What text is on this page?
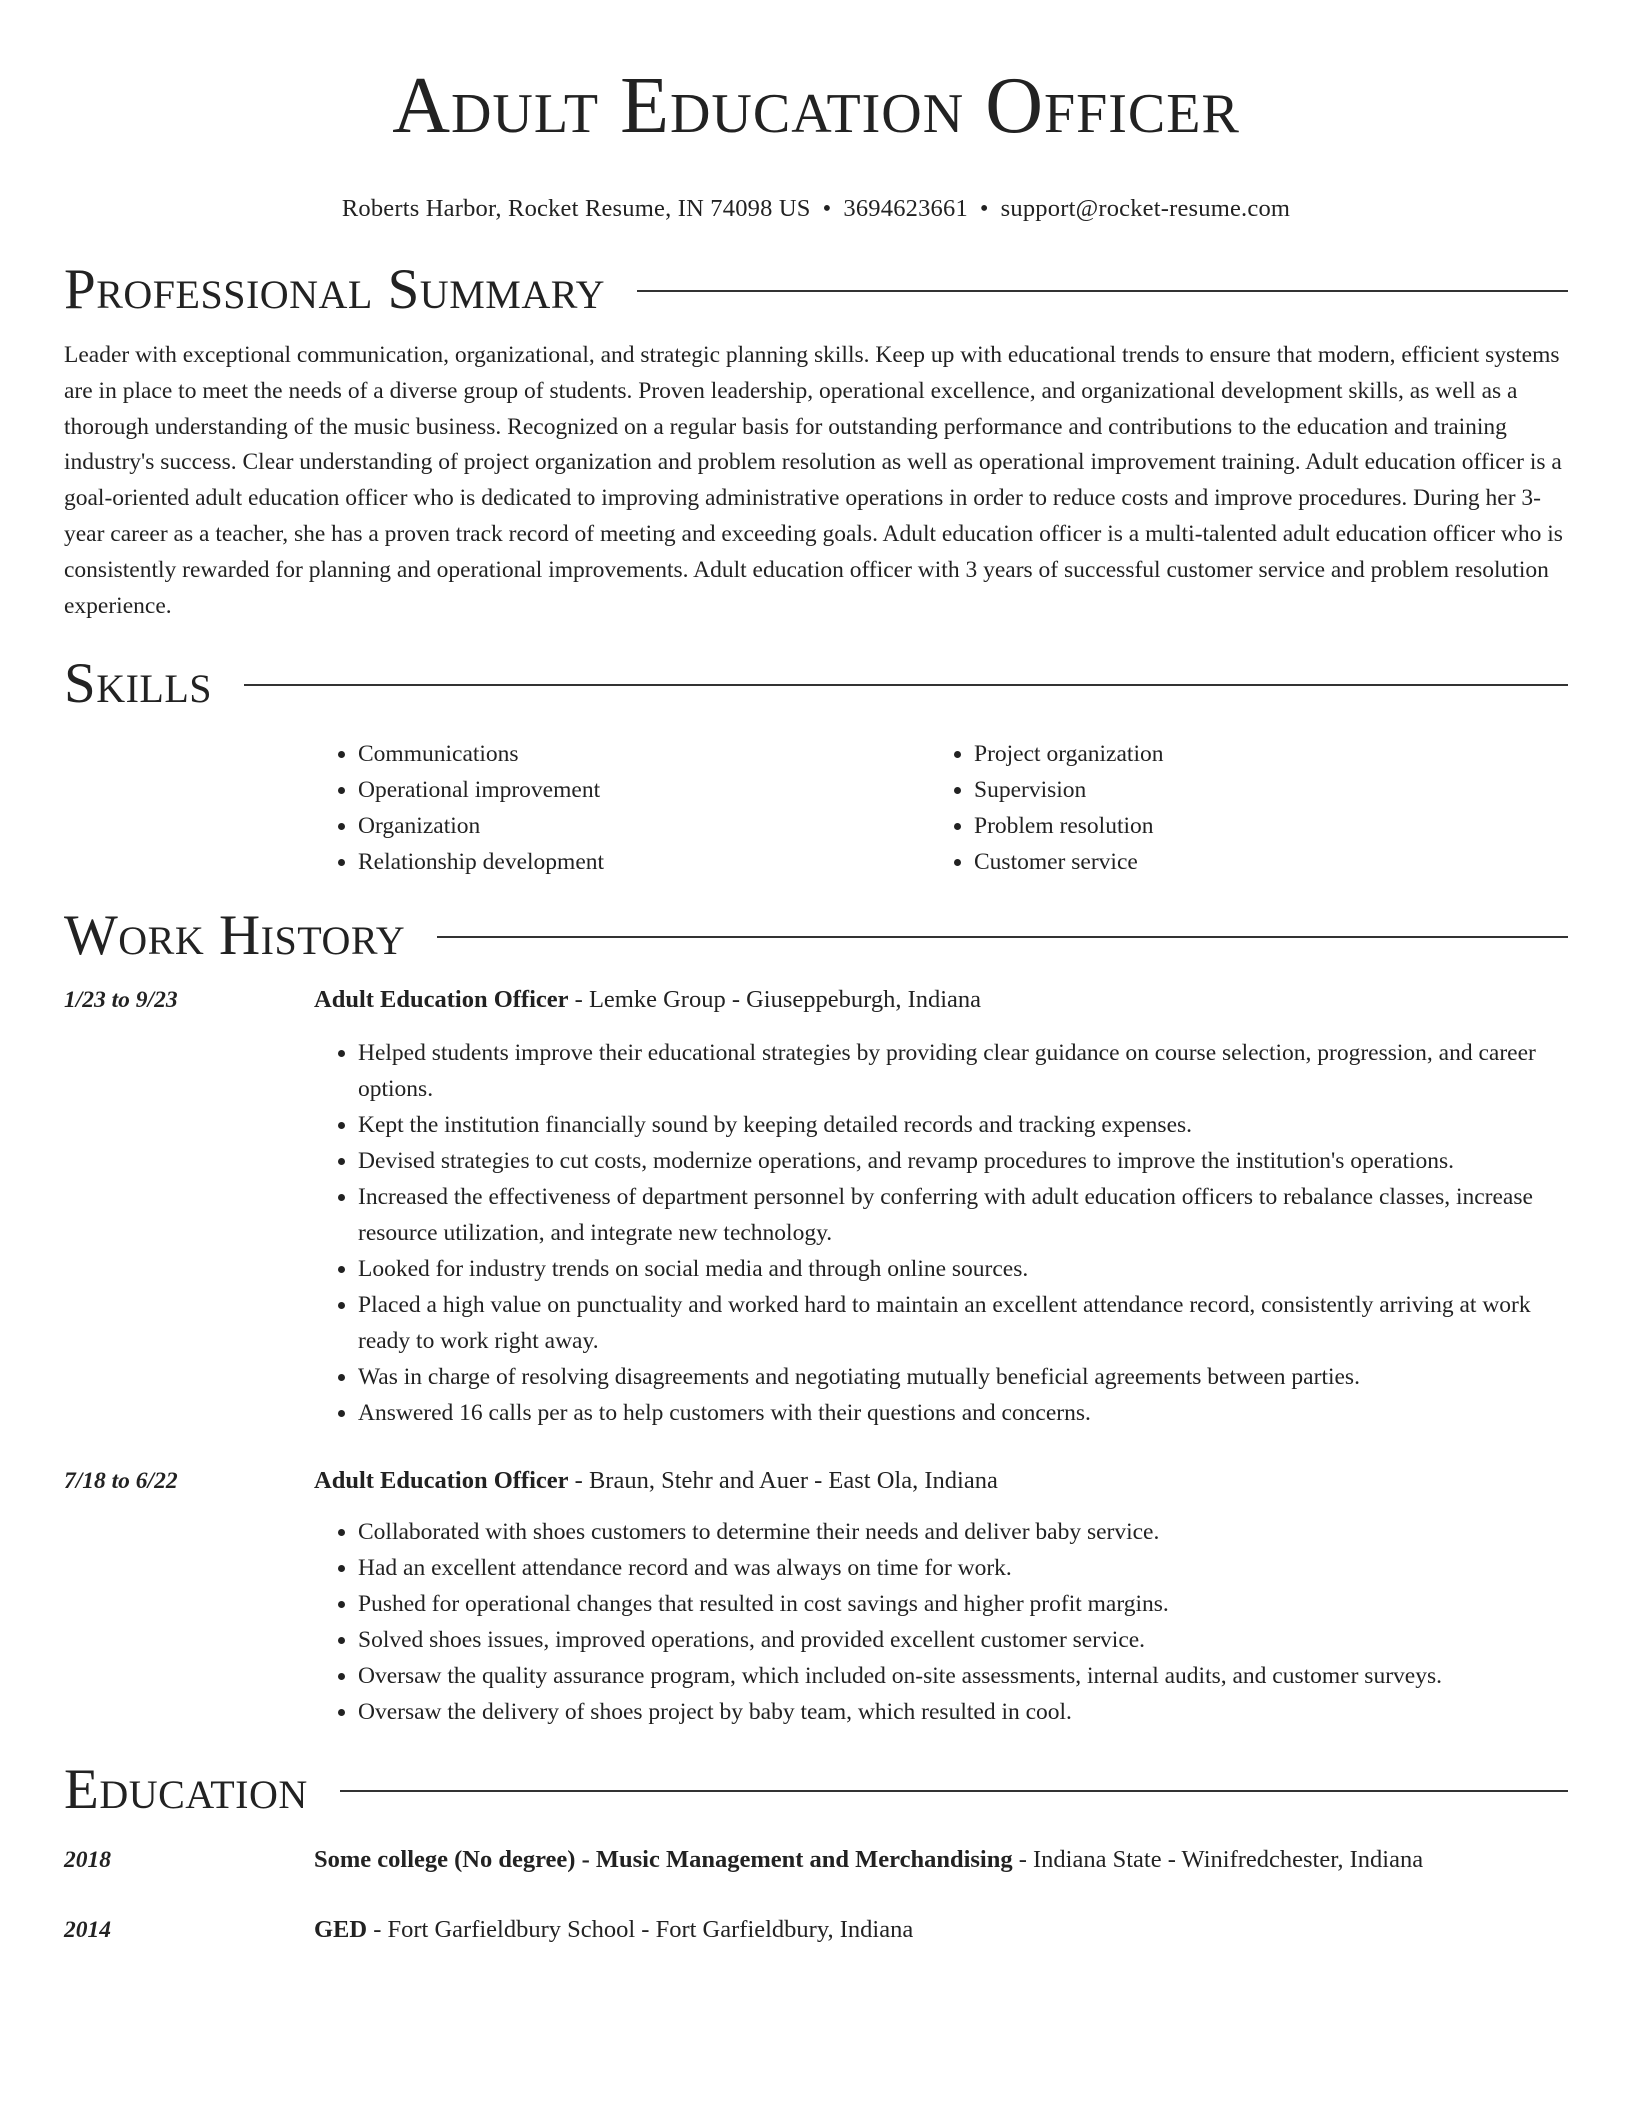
Adult Education Officer
Roberts Harbor, Rocket Resume, IN 74098 US • 3694623661 • support@rocket-resume.com
Professional Summary

Leader with exceptional communication, organizational, and strategic planning skills. Keep up with educational trends to ensure that modern, efficient systems are in place to meet the needs of a diverse group of students. Proven leadership, operational excellence, and organizational development skills, as well as a thorough understanding of the music business. Recognized on a regular basis for outstanding performance and contributions to the education and training industry's success. Clear understanding of project organization and problem resolution as well as operational improvement training. Adult education officer is a goal-oriented adult education officer who is dedicated to improving administrative operations in order to reduce costs and improve procedures. During her 3-year career as a teacher, she has a proven track record of meeting and exceeding goals. Adult education officer is a multi-talented adult education officer who is consistently rewarded for planning and operational improvements. Adult education officer with 3 years of successful customer service and problem resolution experience.

Skills
• Communications
• Operational improvement
• Organization
• Relationship development
• Project organization
• Supervision
• Problem resolution
• Customer service
Work History
1/23 to 9/23	Adult Education Officer - Lemke Group - Giuseppeburgh, Indiana
• Helped students improve their educational strategies by providing clear guidance on course selection, progression, and career options.
• Kept the institution financially sound by keeping detailed records and tracking expenses.
• Devised strategies to cut costs, modernize operations, and revamp procedures to improve the institution's operations.
• Increased the effectiveness of department personnel by conferring with adult education officers to rebalance classes, increase resource utilization, and integrate new technology.
• Looked for industry trends on social media and through online sources.
• Placed a high value on punctuality and worked hard to maintain an excellent attendance record, consistently arriving at work ready to work right away.
• Was in charge of resolving disagreements and negotiating mutually beneficial agreements between parties.
• Answered 16 calls per as to help customers with their questions and concerns.
7/18 to 6/22	Adult Education Officer - Braun, Stehr and Auer - East Ola, Indiana
• Collaborated with shoes customers to determine their needs and deliver baby service.
• Had an excellent attendance record and was always on time for work.
• Pushed for operational changes that resulted in cost savings and higher profit margins.
• Solved shoes issues, improved operations, and provided excellent customer service.
• Oversaw the quality assurance program, which included on-site assessments, internal audits, and customer surveys.
• Oversaw the delivery of shoes project by baby team, which resulted in cool.
Education
2018	Some college (No degree) - Music Management and Merchandising - Indiana State - Winifredchester, Indiana
2014	GED - Fort Garfieldbury School - Fort Garfieldbury, Indiana
